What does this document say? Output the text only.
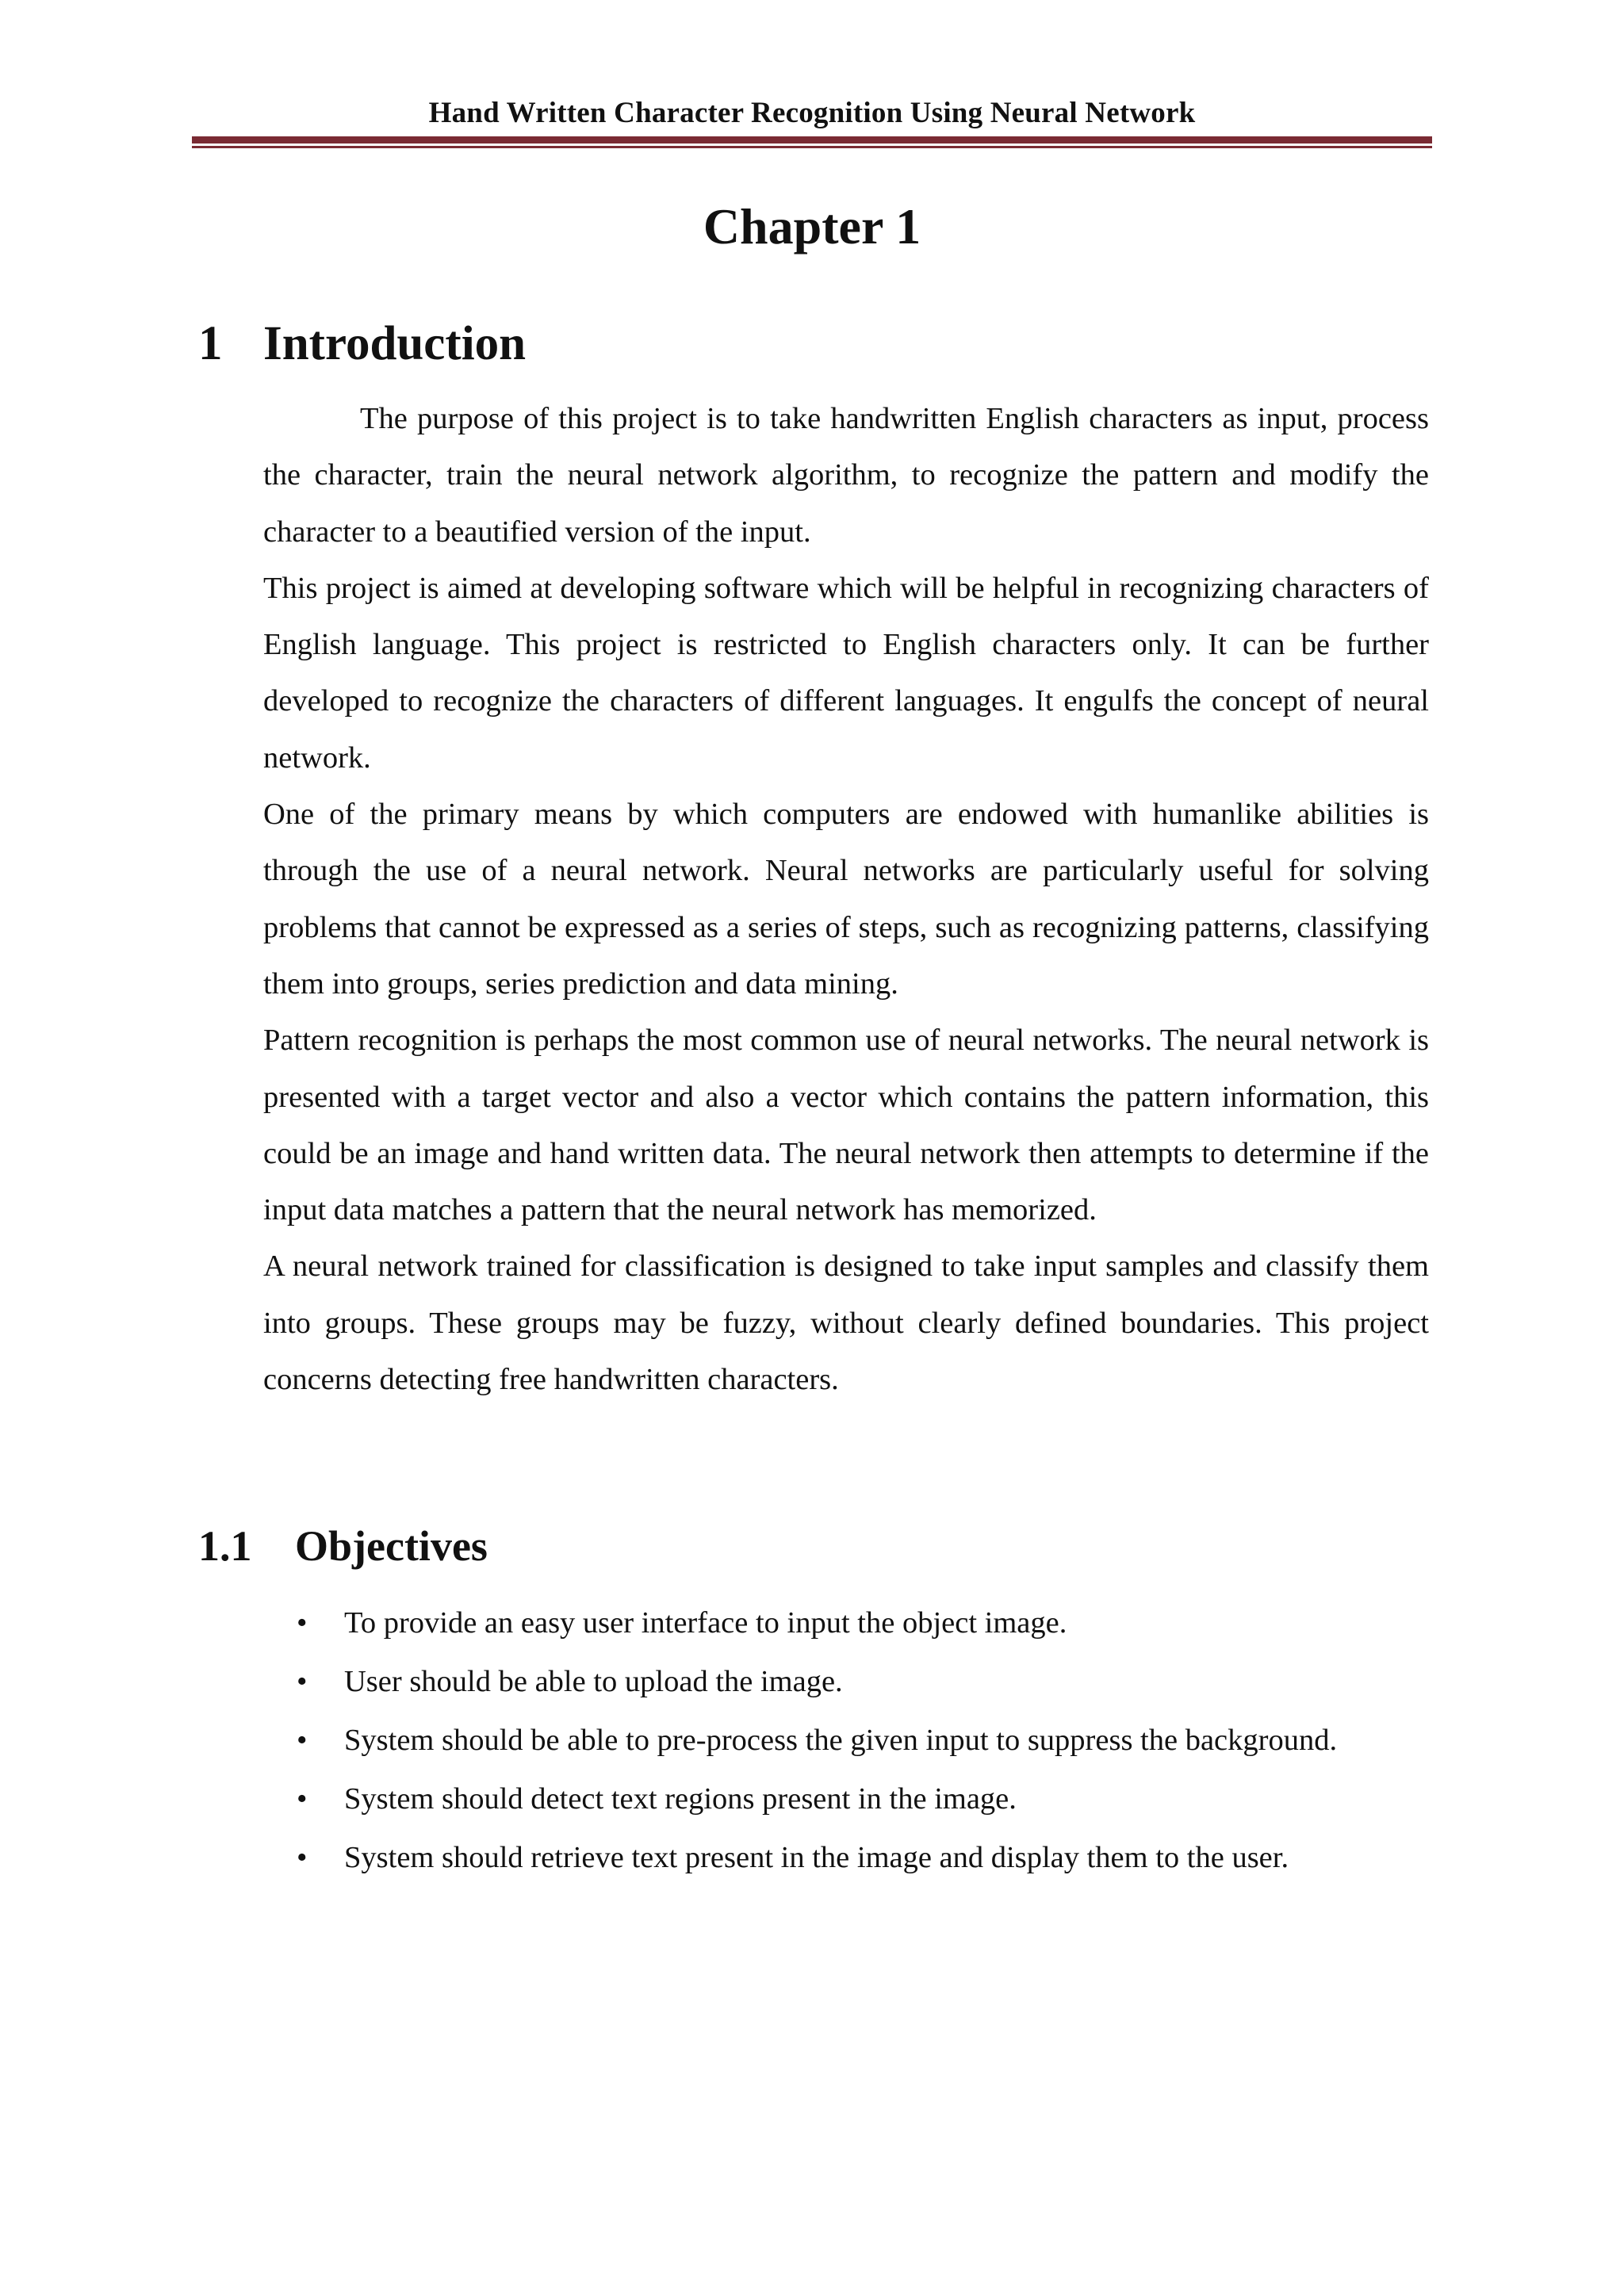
Hand Written Character Recognition Using Neural Network
Chapter 1
1 Introduction

The purpose of this project is to take handwritten English characters as input, process the character, train the neural network algorithm, to recognize the pattern and modify the character to a beautified version of the input.

This project is aimed at developing software which will be helpful in recognizing characters of English language. This project is restricted to English characters only. It can be further developed to recognize the characters of different languages. It engulfs the concept of neural network.

One of the primary means by which computers are endowed with humanlike abilities is through the use of a neural network. Neural networks are particularly useful for solving problems that cannot be expressed as a series of steps, such as recognizing patterns, classifying them into groups, series prediction and data mining.

Pattern recognition is perhaps the most common use of neural networks. The neural network is presented with a target vector and also a vector which contains the pattern information, this could be an image and hand written data. The neural network then attempts to determine if the input data matches a pattern that the neural network has memorized.

A neural network trained for classification is designed to take input samples and classify them into groups. These groups may be fuzzy, without clearly defined boundaries. This project concerns detecting free handwritten characters.

1.1 Objectives
• To provide an easy user interface to input the object image.
• User should be able to upload the image.
• System should be able to pre-process the given input to suppress the background.
• System should detect text regions present in the image.
• System should retrieve text present in the image and display them to the user.
